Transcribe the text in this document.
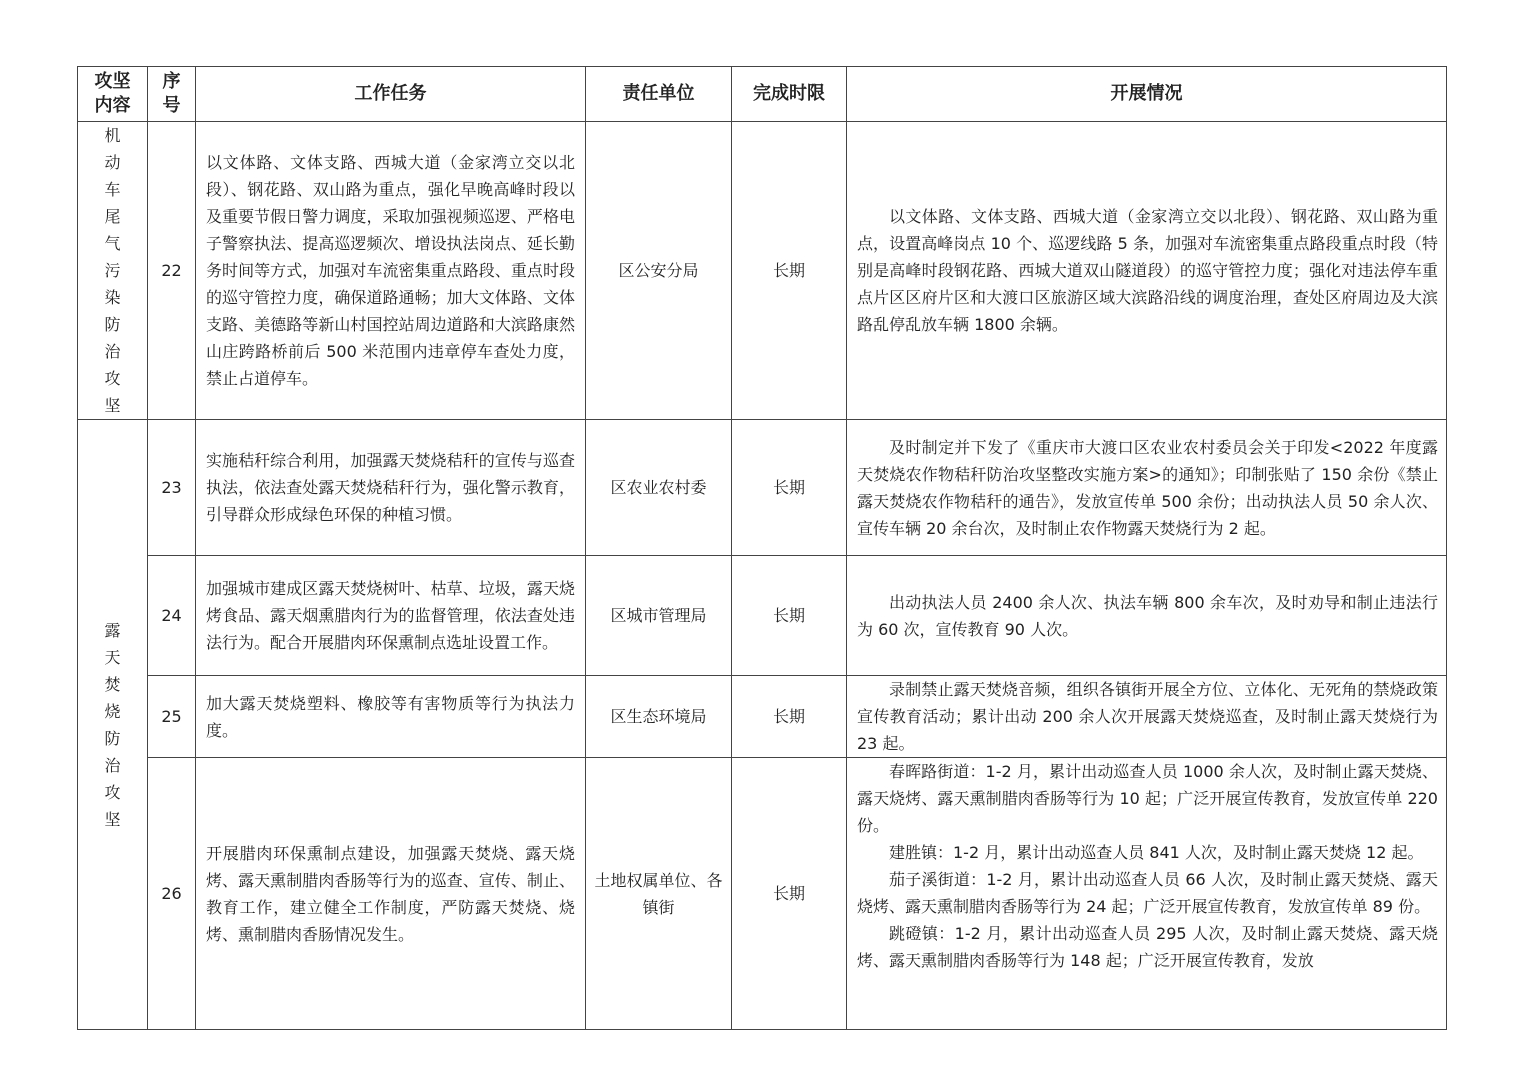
攻坚内容	序号	工作任务	责任单位	完成时限	开展情况
机动车尾气污染防治攻坚	22	以文体路、文体支路、西城大道（金家湾立交以北段）、钢花路、双山路为重点，强化早晚高峰时段以及重要节假日警力调度，采取加强视频巡逻、严格电子警察执法、提高巡逻频次、增设执法岗点、延长勤务时间等方式，加强对车流密集重点路段、重点时段的巡守管控力度，确保道路通畅；加大文体路、文体支路、美德路等新山村国控站周边道路和大滨路康然山庄跨路桥前后 500 米范围内违章停车查处力度，禁止占道停车。	区公安分局	长期	以文体路、文体支路、西城大道（金家湾立交以北段）、钢花路、双山路为重点，设置高峰岗点 10 个、巡逻线路 5 条，加强对车流密集重点路段重点时段（特别是高峰时段钢花路、西城大道双山隧道段）的巡守管控力度；强化对违法停车重点片区区府片区和大渡口区旅游区域大滨路沿线的调度治理，查处区府周边及大滨路乱停乱放车辆 1800 余辆。

露天焚烧防治攻坚	23	实施秸秆综合利用，加强露天焚烧秸秆的宣传与巡查执法，依法查处露天焚烧秸秆行为，强化警示教育，引导群众形成绿色环保的种植习惯。	区农业农村委	长期	及时制定并下发了《重庆市大渡口区农业农村委员会关于印发<2022 年度露天焚烧农作物秸秆防治攻坚整改实施方案>的通知》；印制张贴了 150 余份《禁止露天焚烧农作物秸秆的通告》，发放宣传单 500 余份；出动执法人员 50 余人次、宣传车辆 20 余台次，及时制止农作物露天焚烧行为 2 起。

	24	加强城市建成区露天焚烧树叶、枯草、垃圾，露天烧烤食品、露天烟熏腊肉行为的监督管理，依法查处违法行为。配合开展腊肉环保熏制点选址设置工作。	区城市管理局	长期	出动执法人员 2400 余人次、执法车辆 800 余车次，及时劝导和制止违法行为 60 次，宣传教育 90 人次。

	25	加大露天焚烧塑料、橡胶等有害物质等行为执法力度。	区生态环境局	长期	录制禁止露天焚烧音频，组织各镇街开展全方位、立体化、无死角的禁烧政策宣传教育活动；累计出动 200 余人次开展露天焚烧巡查，及时制止露天焚烧行为 23 起。

	26	开展腊肉环保熏制点建设，加强露天焚烧、露天烧烤、露天熏制腊肉香肠等行为的巡查、宣传、制止、教育工作，建立健全工作制度，严防露天焚烧、烧烤、熏制腊肉香肠情况发生。	土地权属单位、各镇街	长期	春晖路街道：1-2 月，累计出动巡查人员 1000 余人次，及时制止露天焚烧、露天烧烤、露天熏制腊肉香肠等行为 10 起；广泛开展宣传教育，发放宣传单 220 份。

建胜镇：1-2 月，累计出动巡查人员 841 人次，及时制止露天焚烧 12 起。

茄子溪街道：1-2 月，累计出动巡查人员 66 人次，及时制止露天焚烧、露天烧烤、露天熏制腊肉香肠等行为 24 起；广泛开展宣传教育，发放宣传单 89 份。

跳磴镇：1-2 月，累计出动巡查人员 295 人次，及时制止露天焚烧、露天烧烤、露天熏制腊肉香肠等行为 148 起；广泛开展宣传教育，发放
